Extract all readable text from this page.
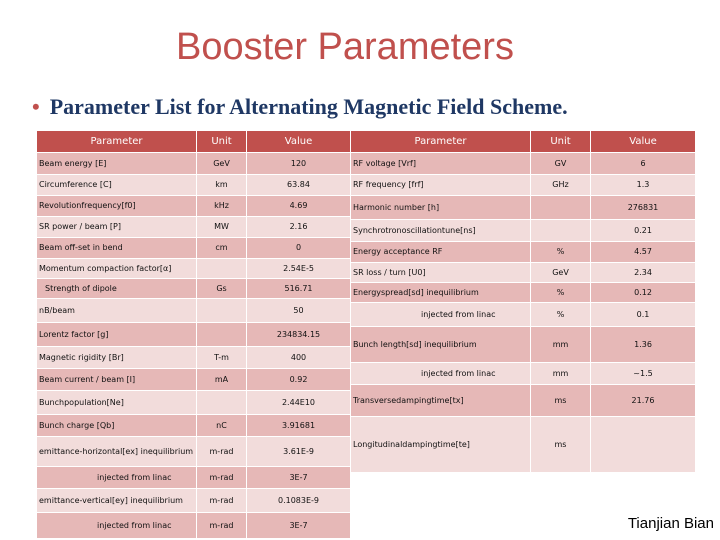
Booster Parameters
• Parameter List for Alternating Magnetic Field Scheme.
Parameter	Unit	Value
Beam energy [E]	GeV	120
Circumference [C]	km	63.84
Revolutionfrequency[f0]	kHz	4.69
SR power / beam [P]	MW	2.16
Beam off-set in bend	cm	0
Momentum compaction factor[α]		2.54E-5
Strength of dipole	Gs	516.71
nB/beam		50
Lorentz factor [g]		234834.15
Magnetic rigidity [Br]	T-m	400
Beam current / beam [I]	mA	0.92
Bunchpopulation[Ne]		2.44E10
Bunch charge [Qb]	nC	3.91681
emittance-horizontal[ex] inequilibrium	m-rad	3.61E-9
injected from linac	m-rad	3E-7
emittance-vertical[ey] inequilibrium	m-rad	0.1083E-9
injected from linac	m-rad	3E-7
Parameter	Unit	Value
RF voltage [Vrf]	GV	6
RF frequency [frf]	GHz	1.3
Harmonic number [h]		276831
Synchrotronoscillationtune[ns]		0.21
Energy acceptance RF	%	4.57
SR loss / turn [U0]	GeV	2.34
Energyspread[sd] inequilibrium	%	0.12
injected from linac	%	0.1
Bunch length[sd] inequilibrium	mm	1.36
injected from linac	mm	~1.5
Transversedampingtime[tx]	ms	21.76
Longitudinaldampingtime[te]	ms	
Tianjian Bian
